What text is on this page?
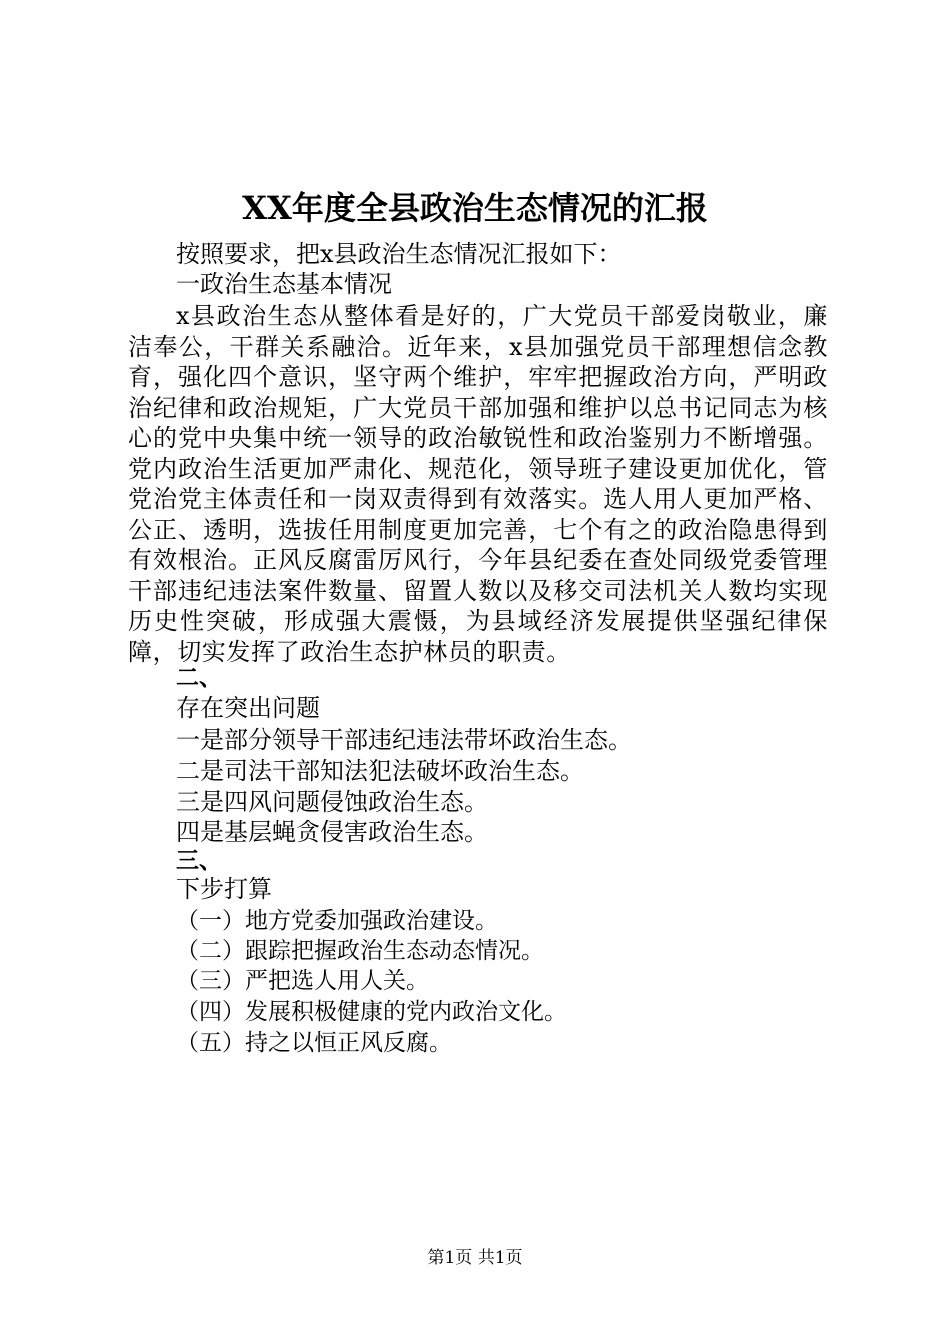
XX年度全县政治生态情况的汇报
按照要求，把x县政治生态情况汇报如下：
一政治生态基本情况
x县政治生态从整体看是好的，广大党员干部爱岗敬业，廉洁奉公，干群关系融洽。近年来，x县加强党员干部理想信念教育，强化四个意识，坚守两个维护，牢牢把握政治方向，严明政治纪律和政治规矩，广大党员干部加强和维护以总书记同志为核心的党中央集中统一领导的政治敏锐性和政治鉴别力不断增强。党内政治生活更加严肃化、规范化，领导班子建设更加优化，管党治党主体责任和一岗双责得到有效落实。选人用人更加严格、公正、透明，选拔任用制度更加完善，七个有之的政治隐患得到有效根治。正风反腐雷厉风行，今年县纪委在查处同级党委管理干部违纪违法案件数量、留置人数以及移交司法机关人数均实现历史性突破，形成强大震慑，为县域经济发展提供坚强纪律保障，切实发挥了政治生态护林员的职责。
二、
存在突出问题
一是部分领导干部违纪违法带坏政治生态。
二是司法干部知法犯法破坏政治生态。
三是四风问题侵蚀政治生态。
四是基层蝇贪侵害政治生态。
三、
下步打算
（一）地方党委加强政治建设。
（二）跟踪把握政治生态动态情况。
（三）严把选人用人关。
（四）发展积极健康的党内政治文化。
（五）持之以恒正风反腐。
第1页 共1页
